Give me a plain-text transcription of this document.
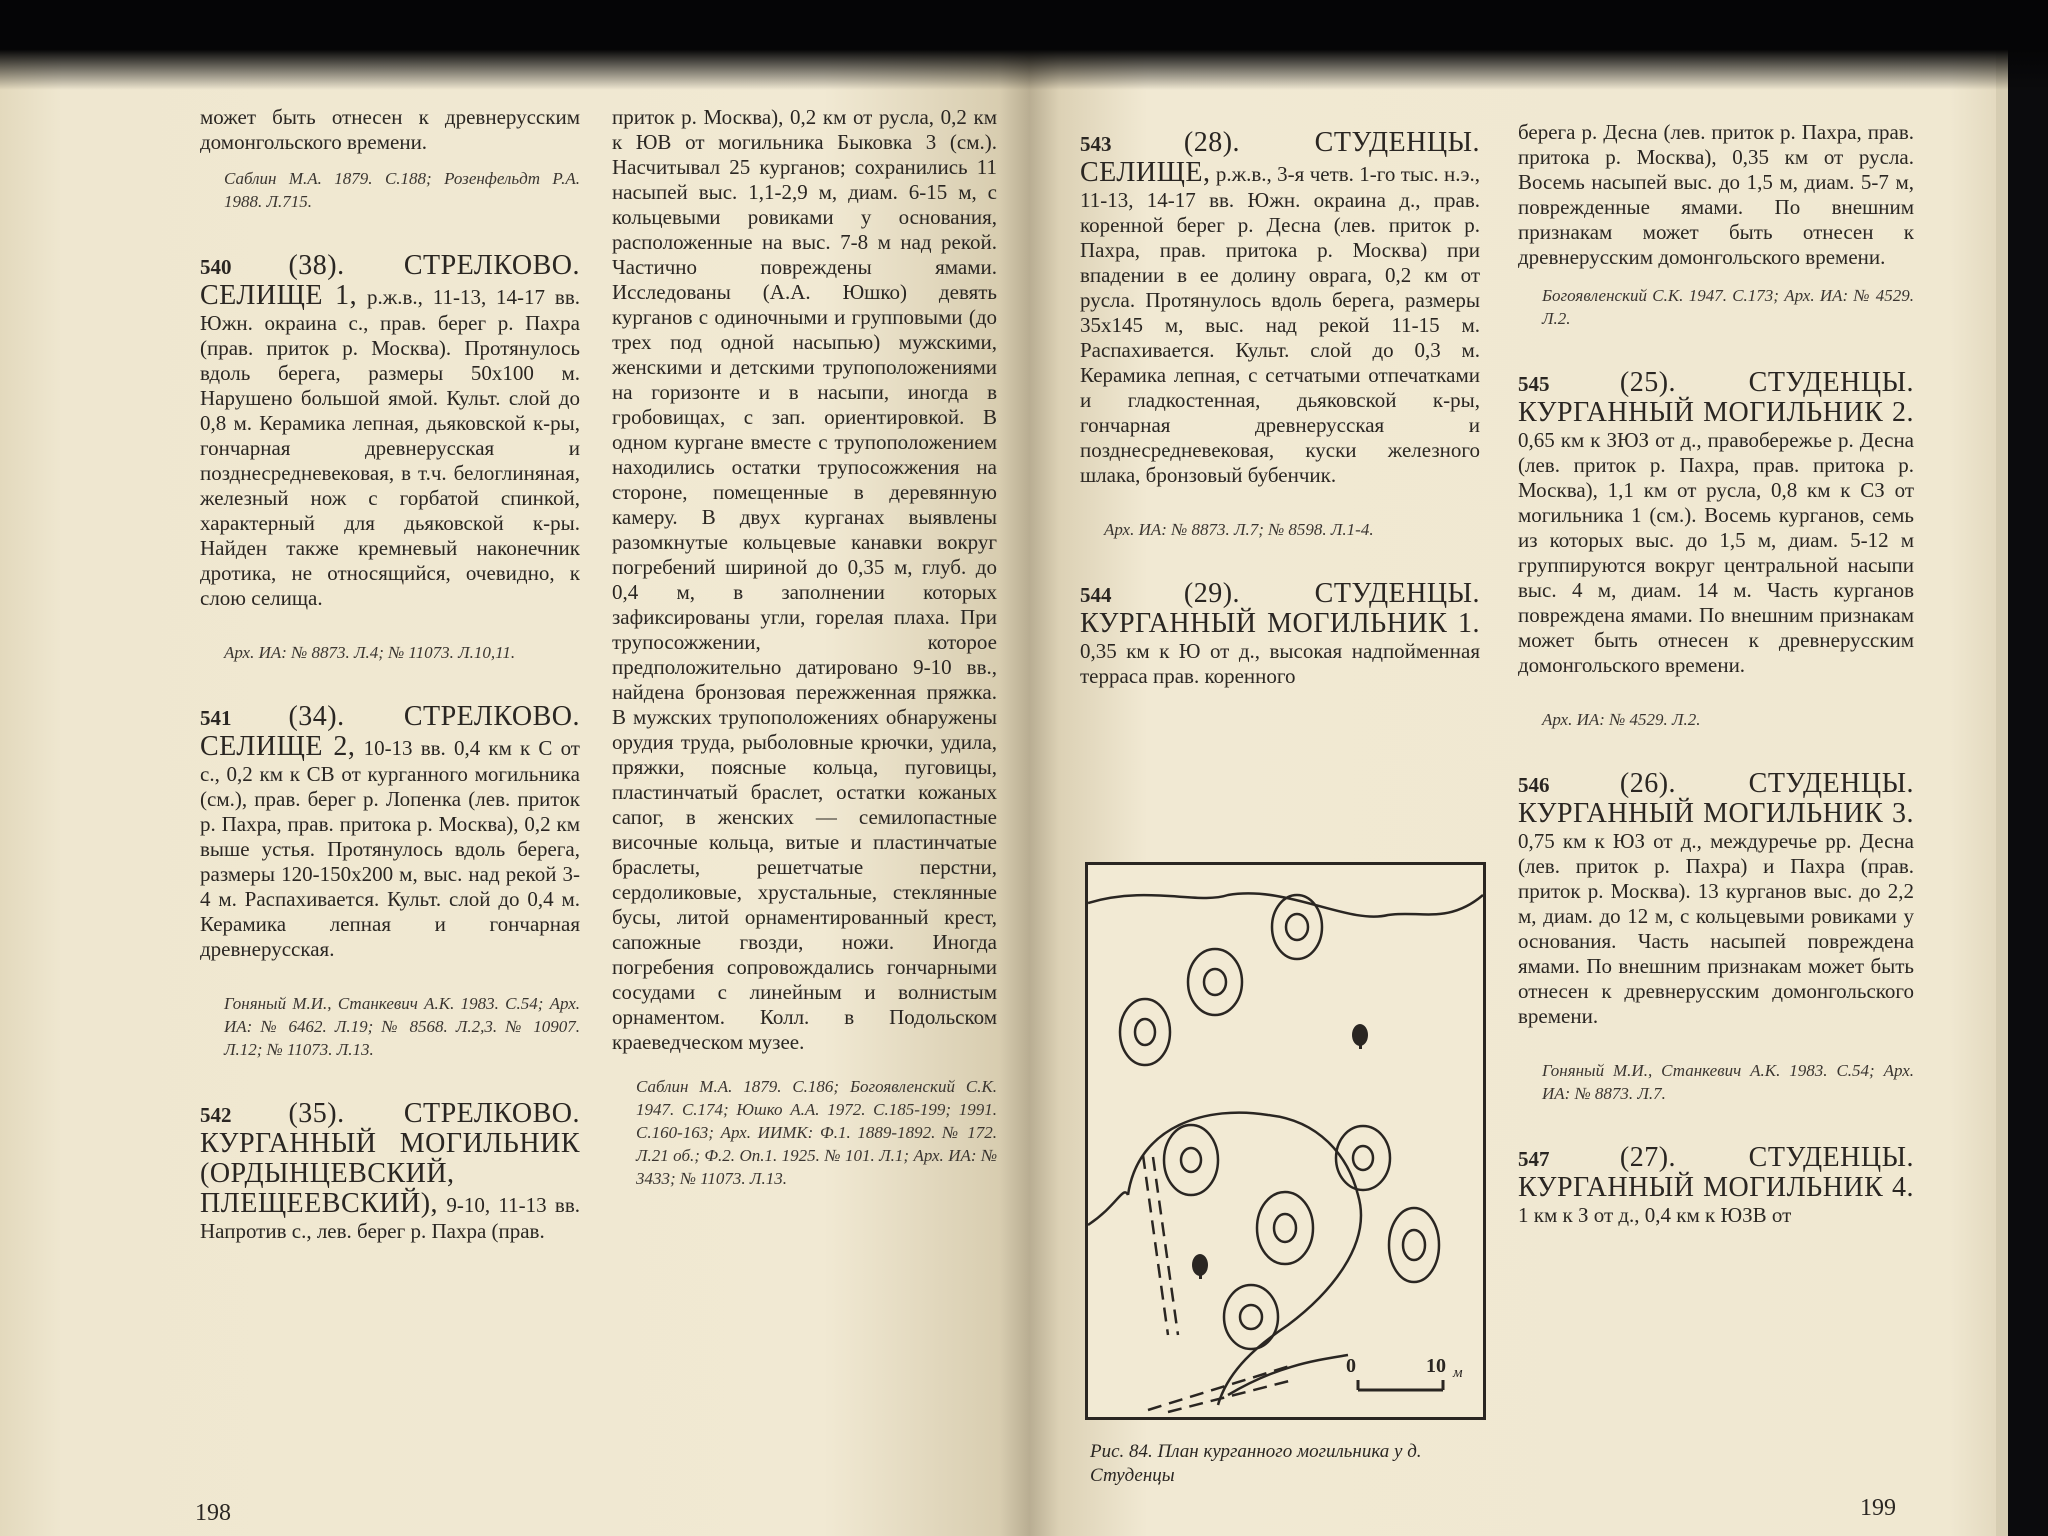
может быть отнесен к древнерусским домонгольского времени.

Саблин М.А. 1879. С.188; Розенфельдт Р.А. 1988. Л.715.

540 (38). СТРЕЛКОВО. СЕЛИЩЕ 1, р.ж.в., 11-13, 14-17 вв. Южн. окраина с., прав. берег р. Пахра (прав. приток р. Москва). Протянулось вдоль берега, размеры 50х100 м. Нарушено большой ямой. Культ. слой до 0,8 м. Керамика лепная, дьяковской к-ры, гончарная древнерусская и позднесредневековая, в т.ч. белоглиняная, железный нож с горбатой спинкой, характерный для дьяковской к-ры. Найден также кремневый наконечник дротика, не относящийся, очевидно, к слою селища.

Арх. ИА: № 8873. Л.4; № 11073. Л.10,11.

541 (34). СТРЕЛКОВО. СЕЛИЩЕ 2, 10-13 вв. 0,4 км к С от с., 0,2 км к СВ от курганного могильника (см.), прав. берег р. Лопенка (лев. приток р. Пахра, прав. притока р. Москва), 0,2 км выше устья. Протянулось вдоль берега, размеры 120-150х200 м, выс. над рекой 3-4 м. Распахивается. Культ. слой до 0,4 м. Керамика лепная и гончарная древнерусская.

Гоняный М.И., Станкевич А.К. 1983. С.54; Арх. ИА: № 6462. Л.19; № 8568. Л.2,3. № 10907. Л.12; № 11073. Л.13.

542 (35). СТРЕЛКОВО. КУРГАННЫЙ МОГИЛЬНИК (ОРДЫНЦЕВСКИЙ, ПЛЕЩЕЕВСКИЙ), 9-10, 11-13 вв. Напротив с., лев. берег р. Пахра (прав.

приток р. Москва), 0,2 км от русла, 0,2 км к ЮВ от могильника Быковка 3 (см.). Насчитывал 25 курганов; сохранились 11 насыпей выс. 1,1-2,9 м, диам. 6-15 м, с кольцевыми ровиками у основания, расположенные на выс. 7-8 м над рекой. Частично повреждены ямами. Исследованы (А.А. Юшко) девять курганов с одиночными и групповыми (до трех под одной насыпью) мужскими, женскими и детскими трупоположениями на горизонте и в насыпи, иногда в гробовищах, с зап. ориентировкой. В одном кургане вместе с трупоположением находились остатки трупосожжения на стороне, помещенные в деревянную камеру. В двух курганах выявлены разомкнутые кольцевые канавки вокруг погребений шириной до 0,35 м, глуб. до 0,4 м, в заполнении которых зафиксированы угли, горелая плаха. При трупосожжении, которое предположительно датировано 9-10 вв., найдена бронзовая пережженная пряжка. В мужских трупоположениях обнаружены орудия труда, рыболовные крючки, удила, пряжки, поясные кольца, пуговицы, пластинчатый браслет, остатки кожаных сапог, в женских — семилопастные височные кольца, витые и пластинчатые браслеты, решетчатые перстни, сердоликовые, хрустальные, стеклянные бусы, литой орнаментированный крест, сапожные гвозди, ножи. Иногда погребения сопровождались гончарными сосудами с линейным и волнистым орнаментом. Колл. в Подольском краеведческом музее.

Саблин М.А. 1879. С.186; Богоявленский С.К. 1947. С.174; Юшко А.А. 1972. С.185-199; 1991. С.160-163; Арх. ИИМК: Ф.1. 1889-1892. № 172. Л.21 об.; Ф.2. Оп.1. 1925. № 101. Л.1; Арх. ИА: № 3433; № 11073. Л.13.

198

543	(28). СТУДЕНЦЫ. СЕЛИЩЕ, р.ж.в., 3-я четв. 1-го тыс. н.э., 11-13, 14-17 вв. Южн. окраина д., прав. коренной берег р. Десна (лев. приток р. Пахра, прав. притока р. Москва) при впадении в ее долину оврага, 0,2 км от русла. Протянулось вдоль берега, размеры 35х145 м, выс. над рекой 11-15 м. Распахивается. Культ. слой до 0,3 м. Керамика лепная, с сетчатыми отпечатками и гладкостенная, дьяковской к-ры, гончарная древнерусская и позднесредневековая, куски железного шлака, бронзовый бубенчик.

Арх. ИА: № 8873. Л.7; № 8598. Л.1-4.

544	(29). СТУДЕНЦЫ. КУРГАННЫЙ МОГИЛЬНИК 1. 0,35 км к Ю от д., высокая надпойменная терраса прав. коренного

0	10 м
Рис. 84. План курганного могильника у д. Студенцы

берега р. Десна (лев. приток р. Пахра, прав. притока р. Москва), 0,35 км от русла. Восемь насыпей выс. до 1,5 м, диам. 5-7 м, поврежденные ямами. По внешним признакам может быть отнесен к древнерусским домонгольского времени.

Богоявленский С.К. 1947. С.173; Арх. ИА: № 4529. Л.2.

545	(25). СТУДЕНЦЫ. КУРГАННЫЙ МОГИЛЬНИК 2. 0,65 км к ЗЮЗ от д., правобережье р. Десна (лев. приток р. Пахра, прав. притока р. Москва), 1,1 км от русла, 0,8 км к СЗ от могильника 1 (см.). Восемь курганов, семь из которых выс. до 1,5 м, диам. 5-12 м группируются вокруг центральной насыпи выс. 4 м, диам. 14 м. Часть курганов повреждена ямами. По внешним признакам может быть отнесен к древнерусским домонгольского времени.

Арх. ИА: № 4529. Л.2.

546	(26). СТУДЕНЦЫ. КУРГАННЫЙ МОГИЛЬНИК 3. 0,75 км к ЮЗ от д., междуречье рр. Десна (лев. приток р. Пахра) и Пахра (прав. приток р. Москва). 13 курганов выс. до 2,2 м, диам. до 12 м, с кольцевыми ровиками у основания. Часть насыпей повреждена ямами. По внешним признакам может быть отнесен к древнерусским домонгольского времени.

Гоняный М.И., Станкевич А.К. 1983. С.54; Арх. ИА: № 8873. Л.7.

547	(27). СТУДЕНЦЫ. КУРГАННЫЙ МОГИЛЬНИК 4. 1 км к З от д., 0,4 км к ЮЗВ от

199
